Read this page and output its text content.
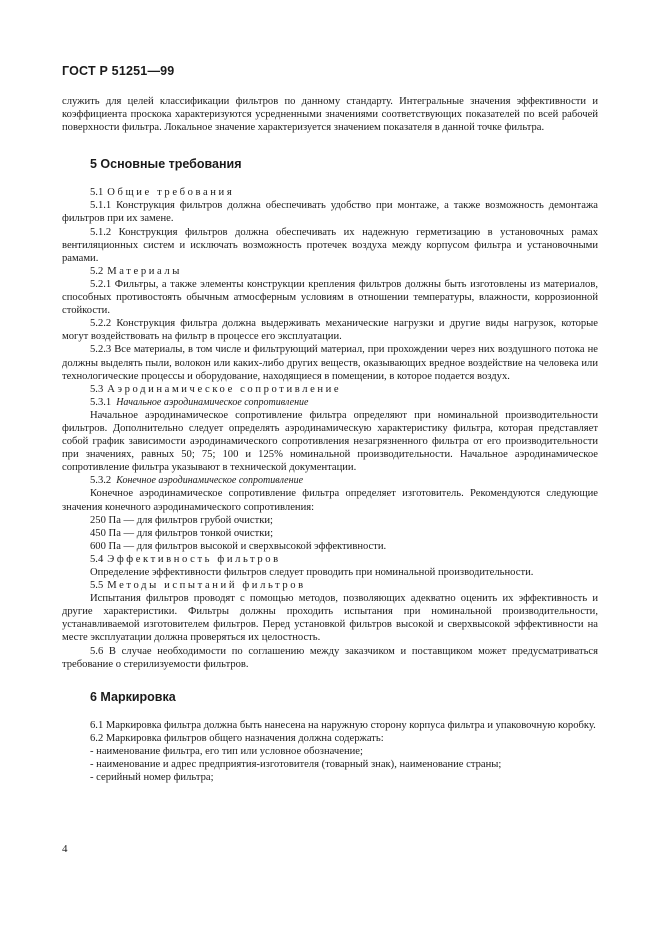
ГОСТ Р 51251—99

служить для целей классификации фильтров по данному стандарту. Интегральные значения эффективности и коэффициента проскока характеризуются усредненными значениями соответствующих показателей по всей рабочей поверхности фильтра. Локальное значение характеризуется значением показателя в данной точке фильтра.

5 Основные требования

5.1 Общие требования

5.1.1 Конструкция фильтров должна обеспечивать удобство при монтаже, а также возможность демонтажа фильтров при их замене.

5.1.2 Конструкция фильтров должна обеспечивать их надежную герметизацию в установочных рамах вентиляционных систем и исключать возможность протечек воздуха между корпусом фильтра и установочными рамами.

5.2 Материалы

5.2.1 Фильтры, а также элементы конструкции крепления фильтров должны быть изготовлены из материалов, способных противостоять обычным атмосферным условиям в отношении температуры, влажности, коррозионной стойкости.

5.2.2 Конструкция фильтра должна выдерживать механические нагрузки и другие виды нагрузок, которые могут воздействовать на фильтр в процессе его эксплуатации.

5.2.3 Все материалы, в том числе и фильтрующий материал, при прохождении через них воздушного потока не должны выделять пыли, волокон или каких-либо других веществ, оказывающих вредное воздействие на человека или технологические процессы и оборудование, находящиеся в помещении, в которое подается воздух.

5.3 Аэродинамическое сопротивление

5.3.1 Начальное аэродинамическое сопротивление

Начальное аэродинамическое сопротивление фильтра определяют при номинальной производительности фильтров. Дополнительно следует определять аэродинамическую характеристику фильтра, которая представляет собой график зависимости аэродинамического сопротивления незагрязненного фильтра от его производительности при значениях, равных 50; 75; 100 и 125% номинальной производительности. Начальное аэродинамическое сопротивление фильтра указывают в технической документации.

5.3.2 Конечное аэродинамическое сопротивление

Конечное аэродинамическое сопротивление фильтра определяет изготовитель. Рекомендуются следующие значения конечного аэродинамического сопротивления:

250 Па — для фильтров грубой очистки;

450 Па — для фильтров тонкой очистки;

600 Па — для фильтров высокой и сверхвысокой эффективности.

5.4 Эффективность фильтров

Определение эффективности фильтров следует проводить при номинальной производительности.

5.5 Методы испытаний фильтров

Испытания фильтров проводят с помощью методов, позволяющих адекватно оценить их эффективность и другие характеристики. Фильтры должны проходить испытания при номинальной производительности, устанавливаемой изготовителем фильтров. Перед установкой фильтров высокой и сверхвысокой эффективности на месте эксплуатации должна проверяться их целостность.

5.6 В случае необходимости по соглашению между заказчиком и поставщиком может предусматриваться требование о стерилизуемости фильтров.

6 Маркировка

6.1 Маркировка фильтра должна быть нанесена на наружную сторону корпуса фильтра и упаковочную коробку.

6.2 Маркировка фильтров общего назначения должна содержать:

- наименование фильтра, его тип или условное обозначение;

- наименование и адрес предприятия-изготовителя (товарный знак), наименование страны;

- серийный номер фильтра;

4
